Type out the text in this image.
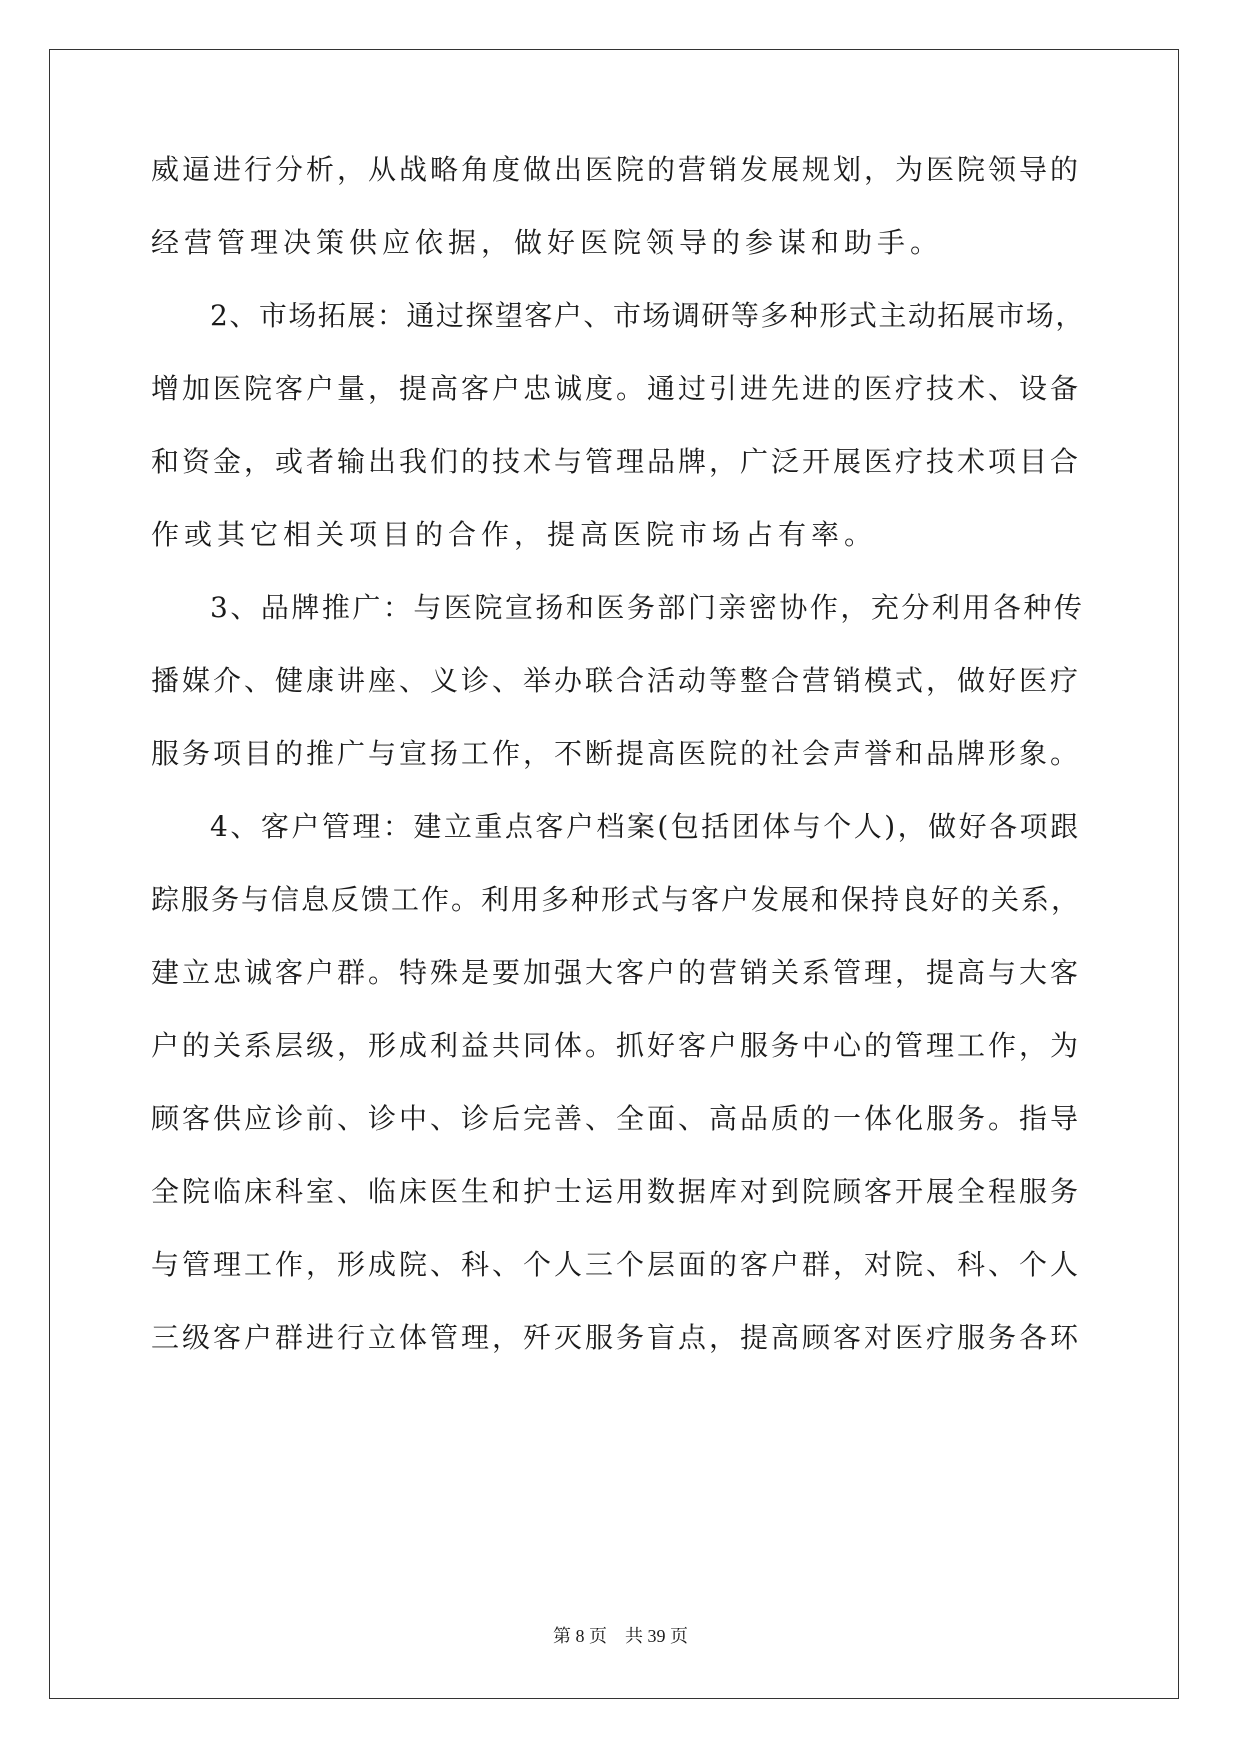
威逼进行分析，从战略角度做出医院的营销发展规划，为医院领导的
经营管理决策供应依据，做好医院领导的参谋和助手。
2、市场拓展：通过探望客户、市场调研等多种形式主动拓展市场，
增加医院客户量，提高客户忠诚度。通过引进先进的医疗技术、设备
和资金，或者输出我们的技术与管理品牌，广泛开展医疗技术项目合
作或其它相关项目的合作，提高医院市场占有率。
3、品牌推广：与医院宣扬和医务部门亲密协作，充分利用各种传
播媒介、健康讲座、义诊、举办联合活动等整合营销模式，做好医疗
服务项目的推广与宣扬工作，不断提高医院的社会声誉和品牌形象。
4、客户管理：建立重点客户档案(包括团体与个人)，做好各项跟
踪服务与信息反馈工作。利用多种形式与客户发展和保持良好的关系，
建立忠诚客户群。特殊是要加强大客户的营销关系管理，提高与大客
户的关系层级，形成利益共同体。抓好客户服务中心的管理工作，为
顾客供应诊前、诊中、诊后完善、全面、高品质的一体化服务。指导
全院临床科室、临床医生和护士运用数据库对到院顾客开展全程服务
与管理工作，形成院、科、个人三个层面的客户群，对院、科、个人
三级客户群进行立体管理，歼灭服务盲点，提高顾客对医疗服务各环
第 8 页    共 39 页
